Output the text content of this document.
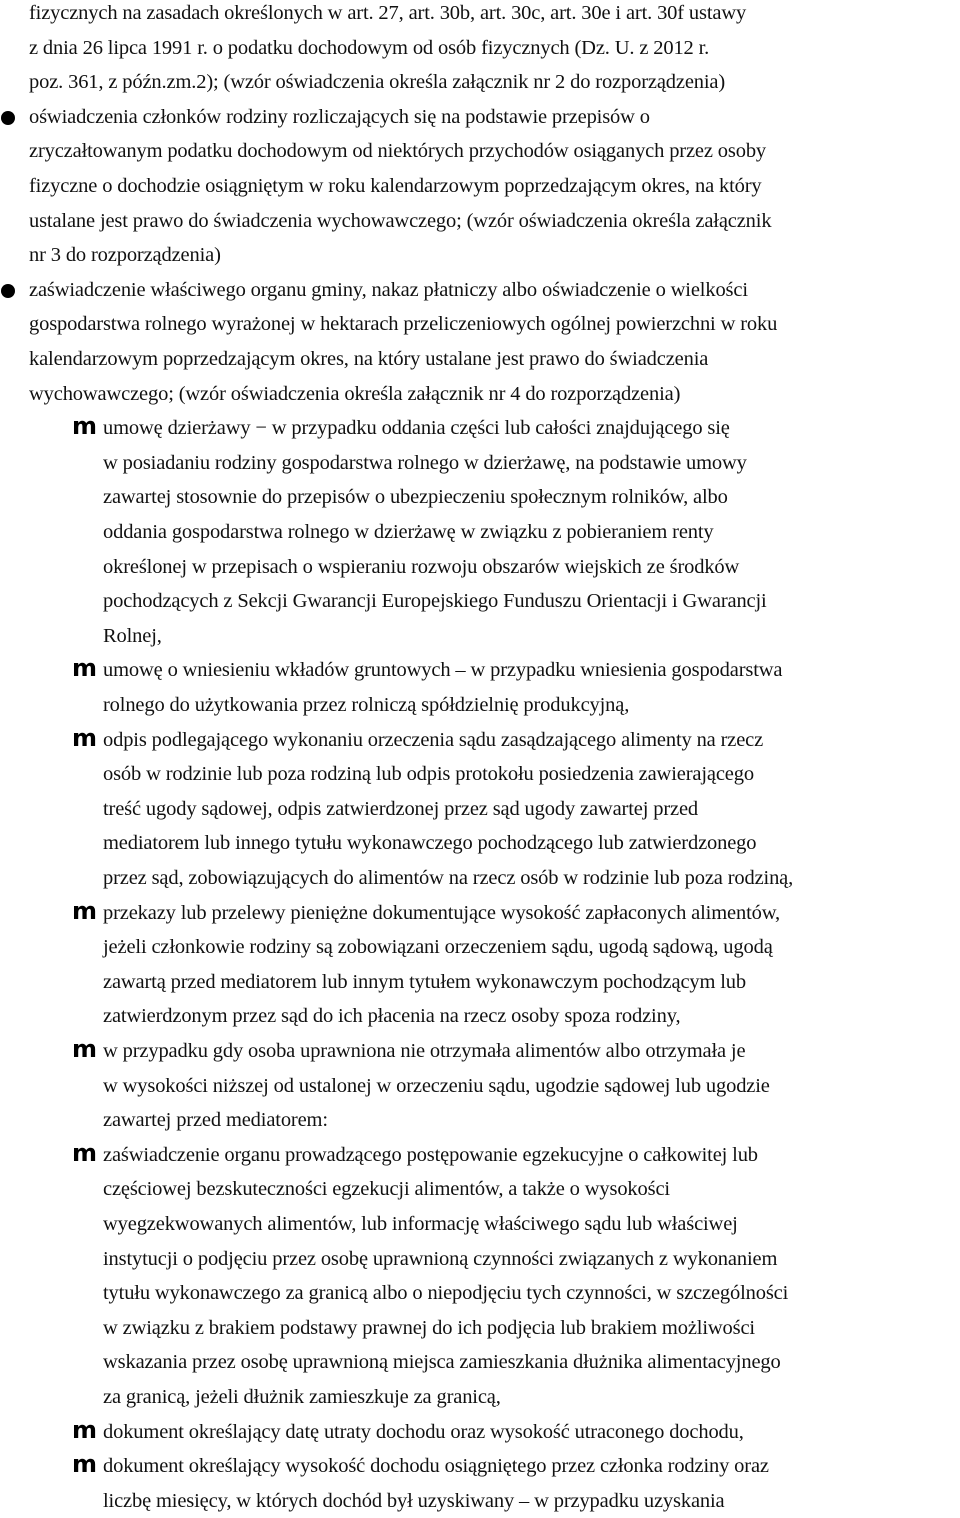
fizycznych na zasadach określonych w art. 27, art. 30b, art. 30c, art. 30e i art. 30f ustawy
z dnia 26 lipca 1991 r. o podatku dochodowym od osób fizycznych (Dz. U. z 2012 r.
poz. 361, z późn.zm.2); (wzór oświadczenia określa załącznik nr 2 do rozporządzenia)
oświadczenia członków rodziny rozliczających się na podstawie przepisów o
zryczałtowanym podatku dochodowym od niektórych przychodów osiąganych przez osoby
fizyczne o dochodzie osiągniętym w roku kalendarzowym poprzedzającym okres, na który
ustalane jest prawo do świadczenia wychowawczego; (wzór oświadczenia określa załącznik
nr 3 do rozporządzenia)
zaświadczenie właściwego organu gminy, nakaz płatniczy albo oświadczenie o wielkości
gospodarstwa rolnego wyrażonej w hektarach przeliczeniowych ogólnej powierzchni w roku
kalendarzowym poprzedzającym okres, na który ustalane jest prawo do świadczenia
wychowawczego; (wzór oświadczenia określa załącznik nr 4 do rozporządzenia)
m umowę dzierżawy − w przypadku oddania części lub całości znajdującego się
w posiadaniu rodziny gospodarstwa rolnego w dzierżawę, na podstawie umowy
zawartej stosownie do przepisów o ubezpieczeniu społecznym rolników, albo
oddania gospodarstwa rolnego w dzierżawę w związku z pobieraniem renty
określonej w przepisach o wspieraniu rozwoju obszarów wiejskich ze środków
pochodzących z Sekcji Gwarancji Europejskiego Funduszu Orientacji i Gwarancji
Rolnej,
m umowę o wniesieniu wkładów gruntowych – w przypadku wniesienia gospodarstwa
rolnego do użytkowania przez rolniczą spółdzielnię produkcyjną,
m odpis podlegającego wykonaniu orzeczenia sądu zasądzającego alimenty na rzecz
osób w rodzinie lub poza rodziną lub odpis protokołu posiedzenia zawierającego
treść ugody sądowej, odpis zatwierdzonej przez sąd ugody zawartej przed
mediatorem lub innego tytułu wykonawczego pochodzącego lub zatwierdzonego
przez sąd, zobowiązujących do alimentów na rzecz osób w rodzinie lub poza rodziną,
m przekazy lub przelewy pieniężne dokumentujące wysokość zapłaconych alimentów,
jeżeli członkowie rodziny są zobowiązani orzeczeniem sądu, ugodą sądową, ugodą
zawartą przed mediatorem lub innym tytułem wykonawczym pochodzącym lub
zatwierdzonym przez sąd do ich płacenia na rzecz osoby spoza rodziny,
m w przypadku gdy osoba uprawniona nie otrzymała alimentów albo otrzymała je
w wysokości niższej od ustalonej w orzeczeniu sądu, ugodzie sądowej lub ugodzie
zawartej przed mediatorem:
m zaświadczenie organu prowadzącego postępowanie egzekucyjne o całkowitej lub
częściowej bezskuteczności egzekucji alimentów, a także o wysokości
wyegzekwowanych alimentów, lub informację właściwego sądu lub właściwej
instytucji o podjęciu przez osobę uprawnioną czynności związanych z wykonaniem
tytułu wykonawczego za granicą albo o niepodjęciu tych czynności, w szczególności
w związku z brakiem podstawy prawnej do ich podjęcia lub brakiem możliwości
wskazania przez osobę uprawnioną miejsca zamieszkania dłużnika alimentacyjnego
za granicą, jeżeli dłużnik zamieszkuje za granicą,
m dokument określający datę utraty dochodu oraz wysokość utraconego dochodu,
m dokument określający wysokość dochodu osiągniętego przez członka rodziny oraz
liczbę miesięcy, w których dochód był uzyskiwany – w przypadku uzyskania
